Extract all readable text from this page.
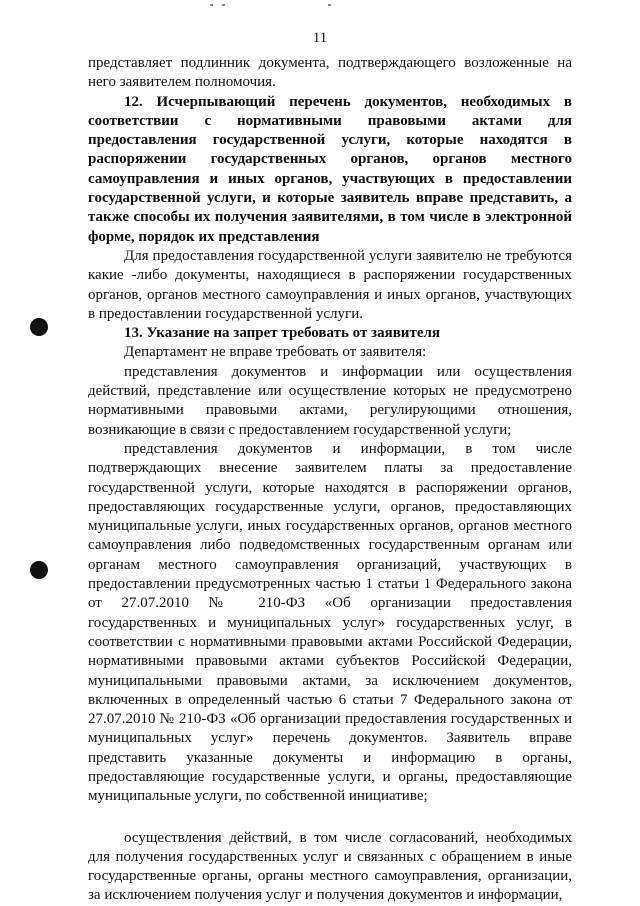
11

представляет подлинник документа, подтверждающего возложенные на него заявителем полномочия.

12. Исчерпывающий перечень документов, необходимых в соответствии с нормативными правовыми актами для предоставления государственной услуги, которые находятся в распоряжении государственных органов, органов местного самоуправления и иных органов, участвующих в предоставлении государственной услуги, и которые заявитель вправе представить, а также способы их получения заявителями, в том числе в электронной форме, порядок их представления

Для предоставления государственной услуги заявителю не требуются какие -либо документы, находящиеся в распоряжении государственных органов, органов местного самоуправления и иных органов, участвующих в предоставлении государственной услуги.

13. Указание на запрет требовать от заявителя

Департамент не вправе требовать от заявителя:

представления документов и информации или осуществления действий, представление или осуществление которых не предусмотрено нормативными правовыми актами, регулирующими отношения, возникающие в связи с предоставлением государственной услуги;

представления документов и информации, в том числе подтверждающих внесение заявителем платы за предоставление государственной услуги, которые находятся в распоряжении органов, предоставляющих государственные услуги, органов, предоставляющих муниципальные услуги, иных государственных органов, органов местного самоуправления либо подведомственных государственным органам или органам местного самоуправления организаций, участвующих в предоставлении предусмотренных частью 1 статьи 1 Федерального закона от 27.07.2010 № 210-ФЗ «Об организации предоставления государственных и муниципальных услуг» государственных услуг, в соответствии с нормативными правовыми актами Российской Федерации, нормативными правовыми актами субъектов Российской Федерации, муниципальными правовыми актами, за исключением документов, включенных в определенный частью 6 статьи 7 Федерального закона от 27.07.2010 № 210-ФЗ «Об организации предоставления государственных и муниципальных услуг» перечень документов. Заявитель вправе представить указанные документы и информацию в органы, предоставляющие государственные услуги, и органы, предоставляющие муниципальные услуги, по собственной инициативе;

осуществления действий, в том числе согласований, необходимых для получения государственных услуг и связанных с обращением в иные государственные органы, органы местного самоуправления, организации, за исключением получения услуг и получения документов и информации,
